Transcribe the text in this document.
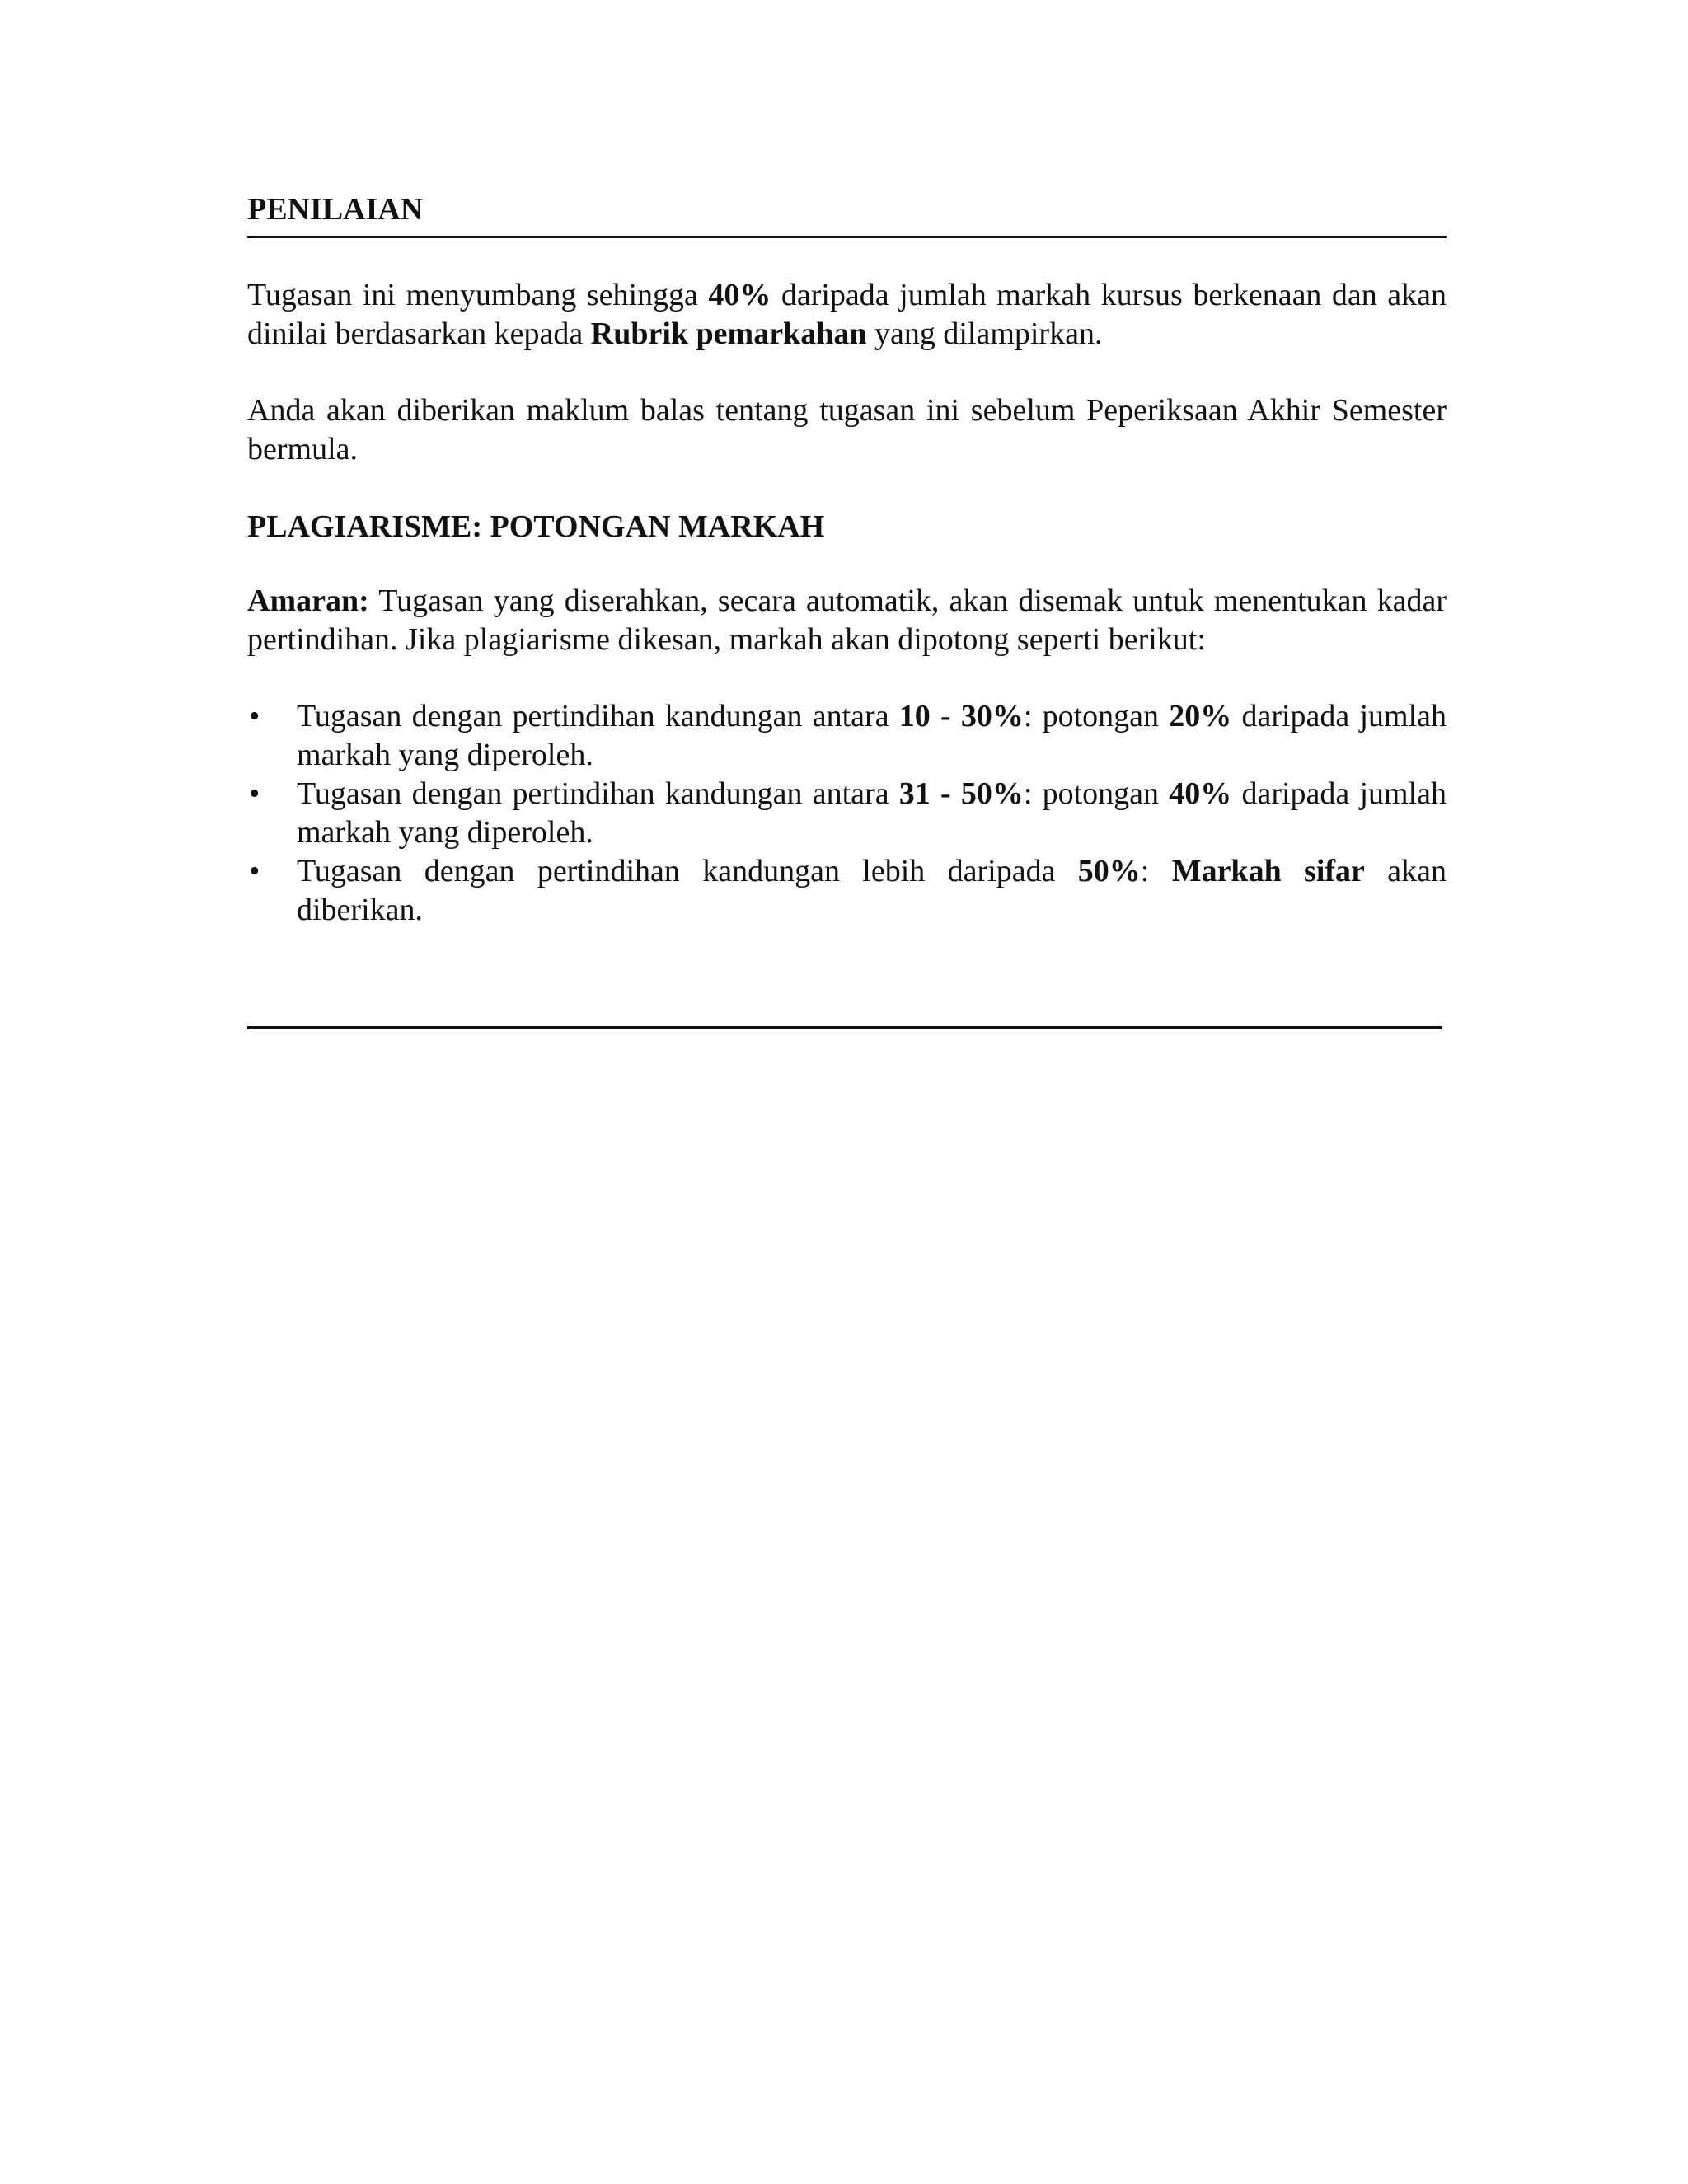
PENILAIAN

Tugasan ini menyumbang sehingga 40% daripada jumlah markah kursus berkenaan dan akan dinilai berdasarkan kepada Rubrik pemarkahan yang dilampirkan.

Anda akan diberikan maklum balas tentang tugasan ini sebelum Peperiksaan Akhir Semester bermula.

PLAGIARISME: POTONGAN MARKAH

Amaran: Tugasan yang diserahkan, secara automatik, akan disemak untuk menentukan kadar pertindihan. Jika plagiarisme dikesan, markah akan dipotong seperti berikut:

•	Tugasan dengan pertindihan kandungan antara 10 - 30%: potongan 20% daripada jumlah markah yang diperoleh.
•	Tugasan dengan pertindihan kandungan antara 31 - 50%: potongan 40% daripada jumlah markah yang diperoleh.
•	Tugasan dengan pertindihan kandungan lebih daripada 50%: Markah sifar akan diberikan.
